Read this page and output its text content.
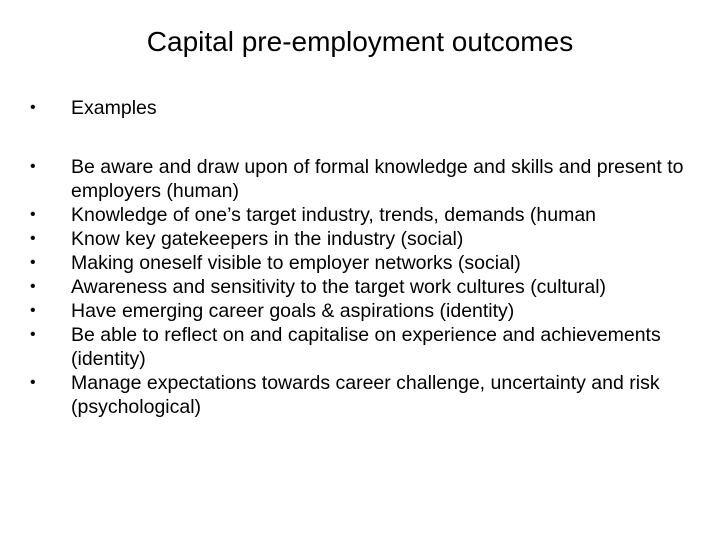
Capital pre-employment outcomes
•	Examples
•	Be aware and draw upon of formal knowledge and skills and present to employers (human)
•	Knowledge of one’s target industry, trends, demands (human
•	Know key gatekeepers in the industry (social)
•	Making oneself visible to employer networks (social)
•	Awareness and sensitivity to the target work cultures (cultural)
•	Have emerging career goals & aspirations (identity)
•	Be able to reflect on and capitalise on experience and achievements (identity)
•	Manage expectations towards career challenge, uncertainty and risk (psychological)
